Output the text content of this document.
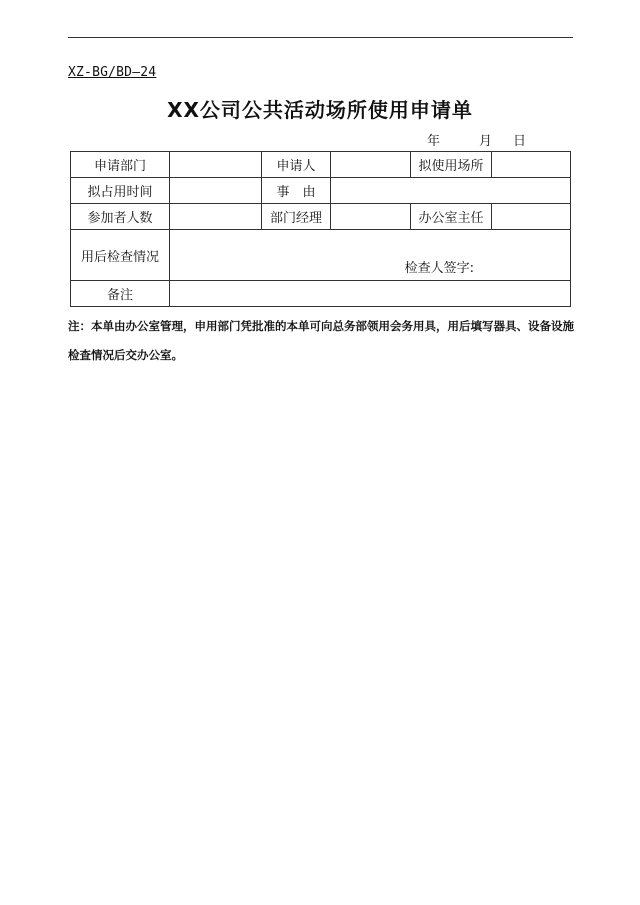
XZ-BG/BD—24
XX公司公共活动场所使用申请单
年	月	日
申请部门		申请人		拟使用场所	
拟占用时间		事　由			
参加者人数		部门经理		办公室主任	
用后检查情况	检查人签字:				

备注					
注：本单由办公室管理，申用部门凭批准的本单可向总务部领用会务用具，用后填写器具、设备设施检查情况后交办公室。
